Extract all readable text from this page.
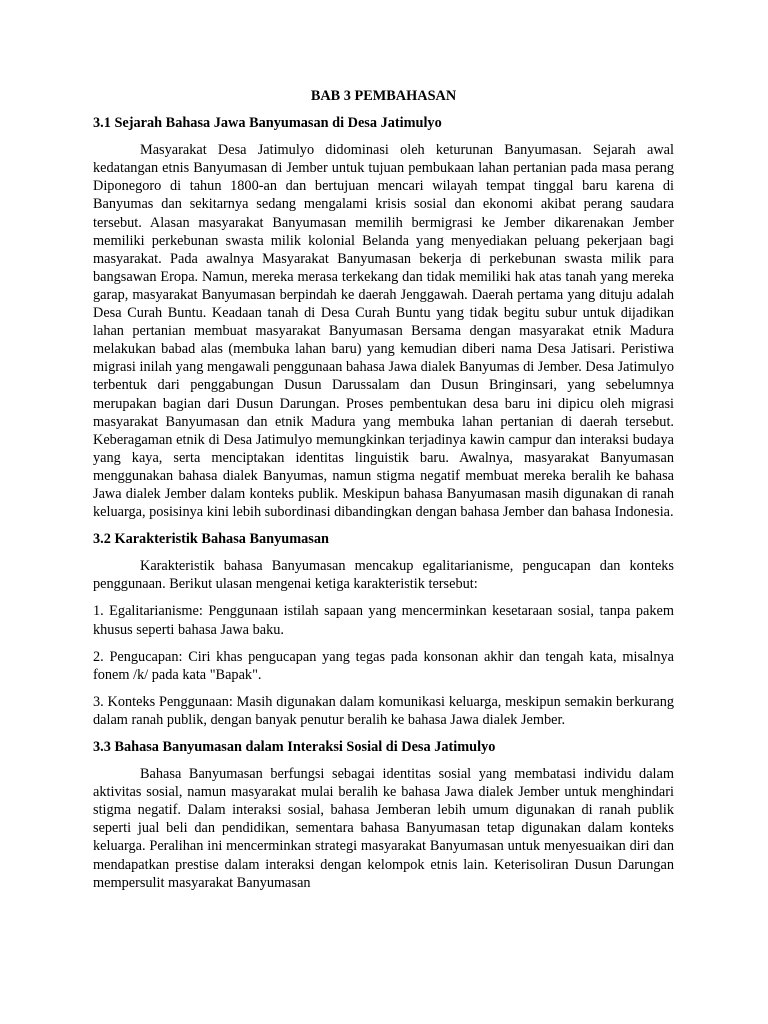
BAB 3 PEMBAHASAN
3.1 Sejarah Bahasa Jawa Banyumasan di Desa Jatimulyo

Masyarakat Desa Jatimulyo didominasi oleh keturunan Banyumasan. Sejarah awal kedatangan etnis Banyumasan di Jember untuk tujuan pembukaan lahan pertanian pada masa perang Diponegoro di tahun 1800-an dan bertujuan mencari wilayah tempat tinggal baru karena di Banyumas dan sekitarnya sedang mengalami krisis sosial dan ekonomi akibat perang saudara tersebut. Alasan masyarakat Banyumasan memilih bermigrasi ke Jember dikarenakan Jember memiliki perkebunan swasta milik kolonial Belanda yang menyediakan peluang pekerjaan bagi masyarakat. Pada awalnya Masyarakat Banyumasan bekerja di perkebunan swasta milik para bangsawan Eropa. Namun, mereka merasa terkekang dan tidak memiliki hak atas tanah yang mereka garap, masyarakat Banyumasan berpindah ke daerah Jenggawah. Daerah pertama yang dituju adalah Desa Curah Buntu. Keadaan tanah di Desa Curah Buntu yang tidak begitu subur untuk dijadikan lahan pertanian membuat masyarakat Banyumasan Bersama dengan masyarakat etnik Madura melakukan babad alas (membuka lahan baru) yang kemudian diberi nama Desa Jatisari. Peristiwa migrasi inilah yang mengawali penggunaan bahasa Jawa dialek Banyumas di Jember. Desa Jatimulyo terbentuk dari penggabungan Dusun Darussalam dan Dusun Bringinsari, yang sebelumnya merupakan bagian dari Dusun Darungan. Proses pembentukan desa baru ini dipicu oleh migrasi masyarakat Banyumasan dan etnik Madura yang membuka lahan pertanian di daerah tersebut. Keberagaman etnik di Desa Jatimulyo memungkinkan terjadinya kawin campur dan interaksi budaya yang kaya, serta menciptakan identitas linguistik baru. Awalnya, masyarakat Banyumasan menggunakan bahasa dialek Banyumas, namun stigma negatif membuat mereka beralih ke bahasa Jawa dialek Jember dalam konteks publik. Meskipun bahasa Banyumasan masih digunakan di ranah keluarga, posisinya kini lebih subordinasi dibandingkan dengan bahasa Jember dan bahasa Indonesia.

3.2 Karakteristik Bahasa Banyumasan

Karakteristik bahasa Banyumasan mencakup egalitarianisme, pengucapan dan konteks penggunaan. Berikut ulasan mengenai ketiga karakteristik tersebut:

1. Egalitarianisme: Penggunaan istilah sapaan yang mencerminkan kesetaraan sosial, tanpa pakem khusus seperti bahasa Jawa baku.

2. Pengucapan: Ciri khas pengucapan yang tegas pada konsonan akhir dan tengah kata, misalnya fonem /k/ pada kata "Bapak".

3. Konteks Penggunaan: Masih digunakan dalam komunikasi keluarga, meskipun semakin berkurang dalam ranah publik, dengan banyak penutur beralih ke bahasa Jawa dialek Jember.

3.3 Bahasa Banyumasan dalam Interaksi Sosial di Desa Jatimulyo

Bahasa Banyumasan berfungsi sebagai identitas sosial yang membatasi individu dalam aktivitas sosial, namun masyarakat mulai beralih ke bahasa Jawa dialek Jember untuk menghindari stigma negatif. Dalam interaksi sosial, bahasa Jemberan lebih umum digunakan di ranah publik seperti jual beli dan pendidikan, sementara bahasa Banyumasan tetap digunakan dalam konteks keluarga. Peralihan ini mencerminkan strategi masyarakat Banyumasan untuk menyesuaikan diri dan mendapatkan prestise dalam interaksi dengan kelompok etnis lain. Keterisoliran Dusun Darungan mempersulit masyarakat Banyumasan
